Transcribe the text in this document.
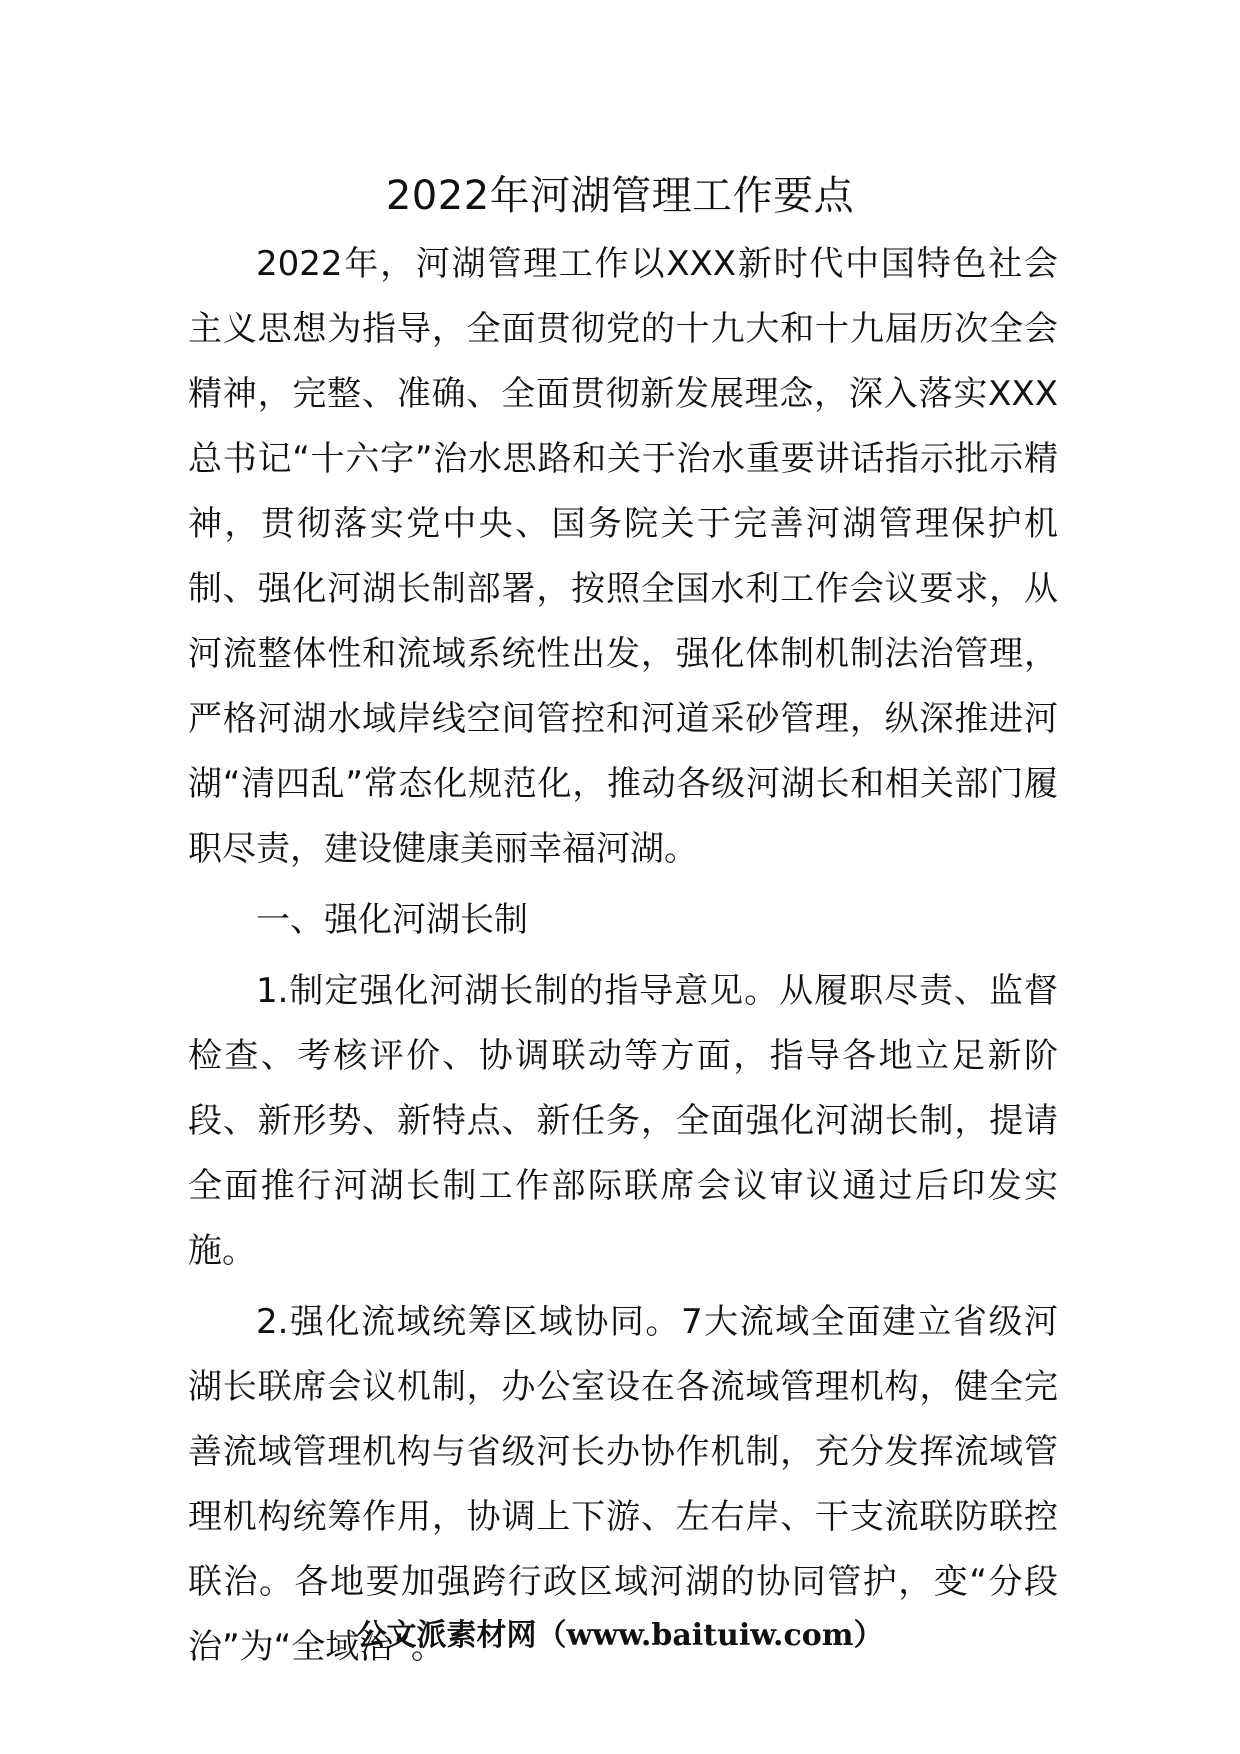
2022年河湖管理工作要点

2022年，河湖管理工作以XXX新时代中国特色社会主义思想为指导，全面贯彻党的十九大和十九届历次全会精神，完整、准确、全面贯彻新发展理念，深入落实XXX总书记“十六字”治水思路和关于治水重要讲话指示批示精神，贯彻落实党中央、国务院关于完善河湖管理保护机制、强化河湖长制部署，按照全国水利工作会议要求，从河流整体性和流域系统性出发，强化体制机制法治管理，严格河湖水域岸线空间管控和河道采砂管理，纵深推进河湖“清四乱”常态化规范化，推动各级河湖长和相关部门履职尽责，建设健康美丽幸福河湖。

一、强化河湖长制

1.制定强化河湖长制的指导意见。从履职尽责、监督检查、考核评价、协调联动等方面，指导各地立足新阶段、新形势、新特点、新任务，全面强化河湖长制，提请全面推行河湖长制工作部际联席会议审议通过后印发实施。

2.强化流域统筹区域协同。7大流域全面建立省级河湖长联席会议机制，办公室设在各流域管理机构，健全完善流域管理机构与省级河长办协作机制，充分发挥流域管理机构统筹作用，协调上下游、左右岸、干支流联防联控联治。各地要加强跨行政区域河湖的协同管护，变“分段治”为“全域治”。

公文派素材网（www.baituiw.com）
